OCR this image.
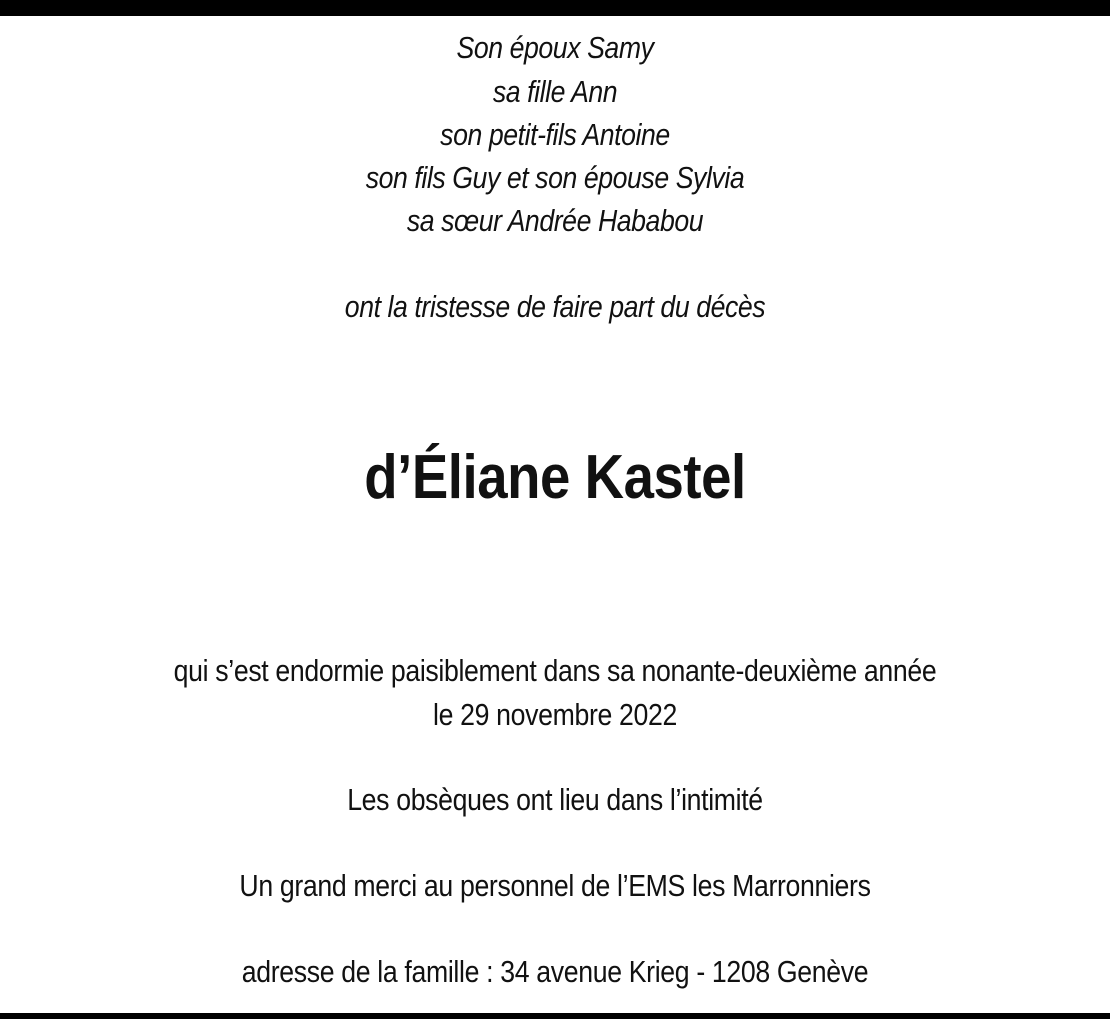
Son époux Samy
sa fille Ann
son petit-fils Antoine
son fils Guy et son épouse Sylvia
sa sœur Andrée Hababou
ont la tristesse de faire part du décès
d’Éliane Kastel
qui s’est endormie paisiblement dans sa nonante-deuxième année
le 29 novembre 2022
Les obsèques ont lieu dans l’intimité
Un grand merci au personnel de l’EMS les Marronniers
adresse de la famille : 34 avenue Krieg - 1208 Genève
